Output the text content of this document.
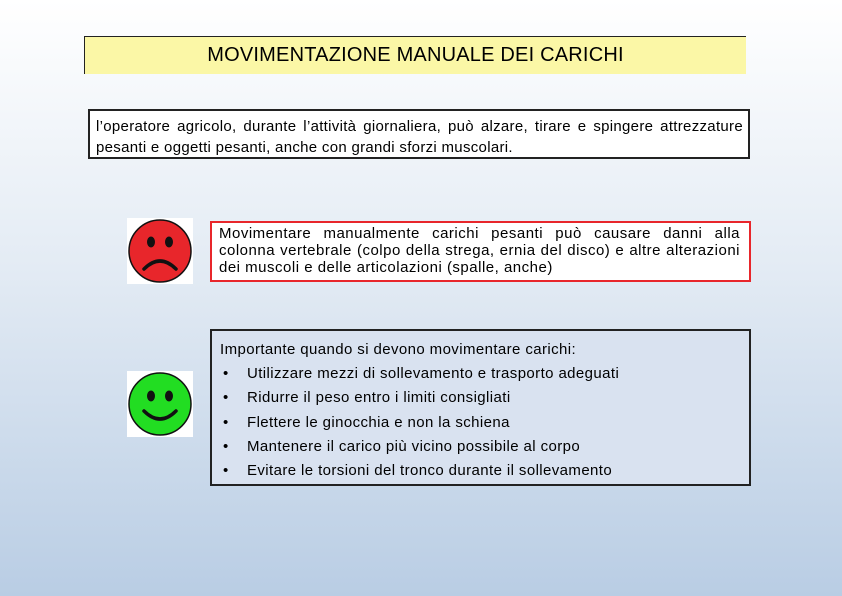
MOVIMENTAZIONE MANUALE DEI CARICHI
l’operatore agricolo, durante l’attività giornaliera, può alzare, tirare e spingere attrezzature pesanti e oggetti pesanti, anche con grandi sforzi muscolari.
Movimentare manualmente carichi pesanti può causare danni alla colonna vertebrale (colpo della strega, ernia del disco) e altre alterazioni dei muscoli e delle articolazioni (spalle, anche)
Importante quando si devono movimentare carichi:
• Utilizzare mezzi di sollevamento e trasporto adeguati
• Ridurre il peso entro i limiti consigliati
• Flettere le ginocchia e non la schiena
• Mantenere il carico più vicino possibile al corpo
• Evitare le torsioni del tronco durante il sollevamento
